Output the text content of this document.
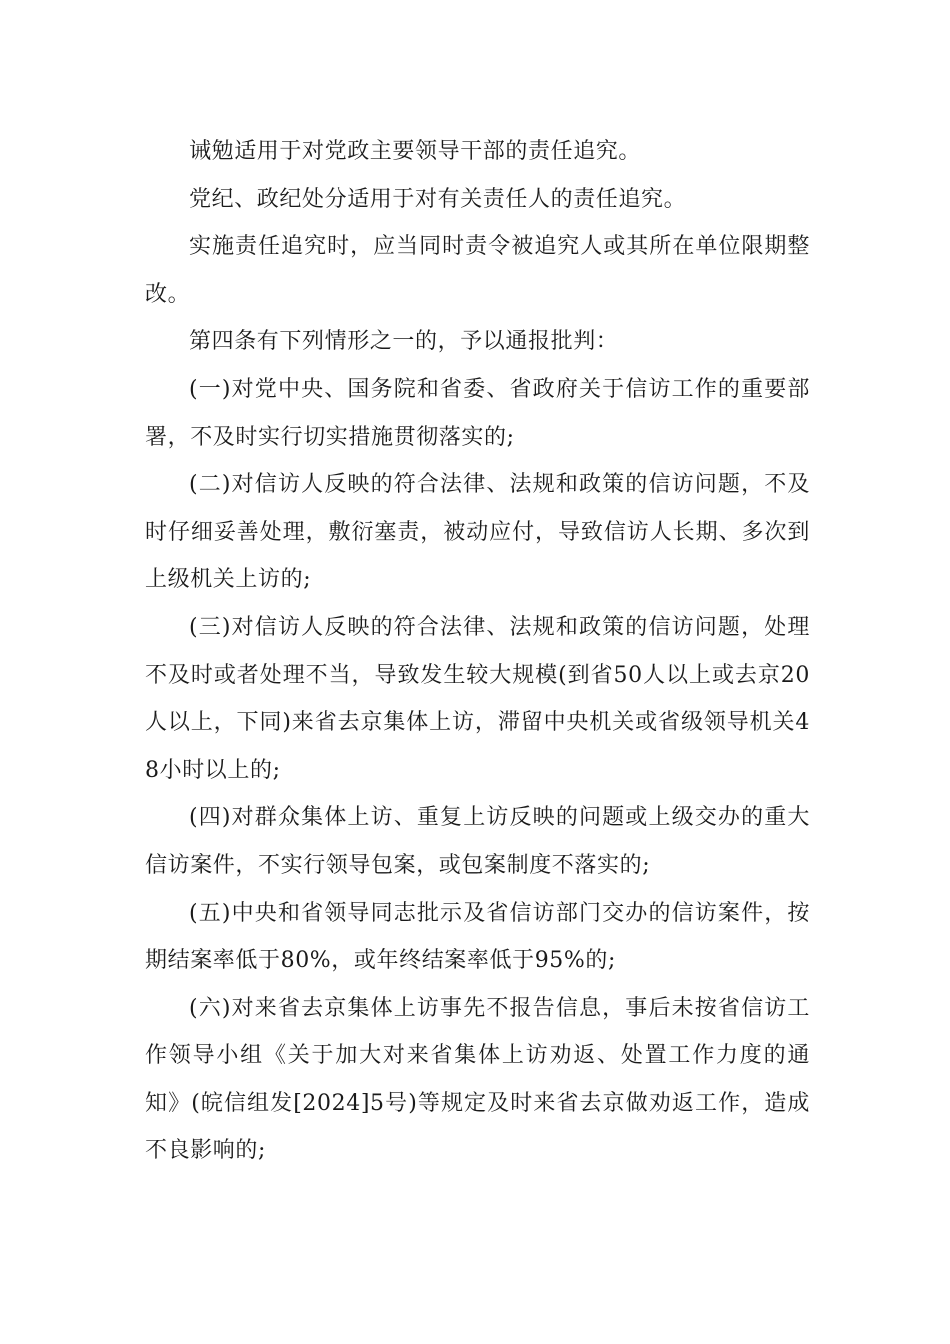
诫勉适用于对党政主要领导干部的责任追究。

党纪、政纪处分适用于对有关责任人的责任追究。

实施责任追究时，应当同时责令被追究人或其所在单位限期整改。

第四条有下列情形之一的，予以通报批判：

(一)对党中央、国务院和省委、省政府关于信访工作的重要部署，不及时实行切实措施贯彻落实的;

(二)对信访人反映的符合法律、法规和政策的信访问题，不及时仔细妥善处理，敷衍塞责，被动应付，导致信访人长期、多次到上级机关上访的;

(三)对信访人反映的符合法律、法规和政策的信访问题，处理不及时或者处理不当，导致发生较大规模(到省50人以上或去京20人以上，下同)来省去京集体上访，滞留中央机关或省级领导机关48小时以上的;

(四)对群众集体上访、重复上访反映的问题或上级交办的重大信访案件，不实行领导包案，或包案制度不落实的;

(五)中央和省领导同志批示及省信访部门交办的信访案件，按期结案率低于80%，或年终结案率低于95%的;

(六)对来省去京集体上访事先不报告信息，事后未按省信访工作领导小组《关于加大对来省集体上访劝返、处置工作力度的通知》(皖信组发[2024]5号)等规定及时来省去京做劝返工作，造成不良影响的;
